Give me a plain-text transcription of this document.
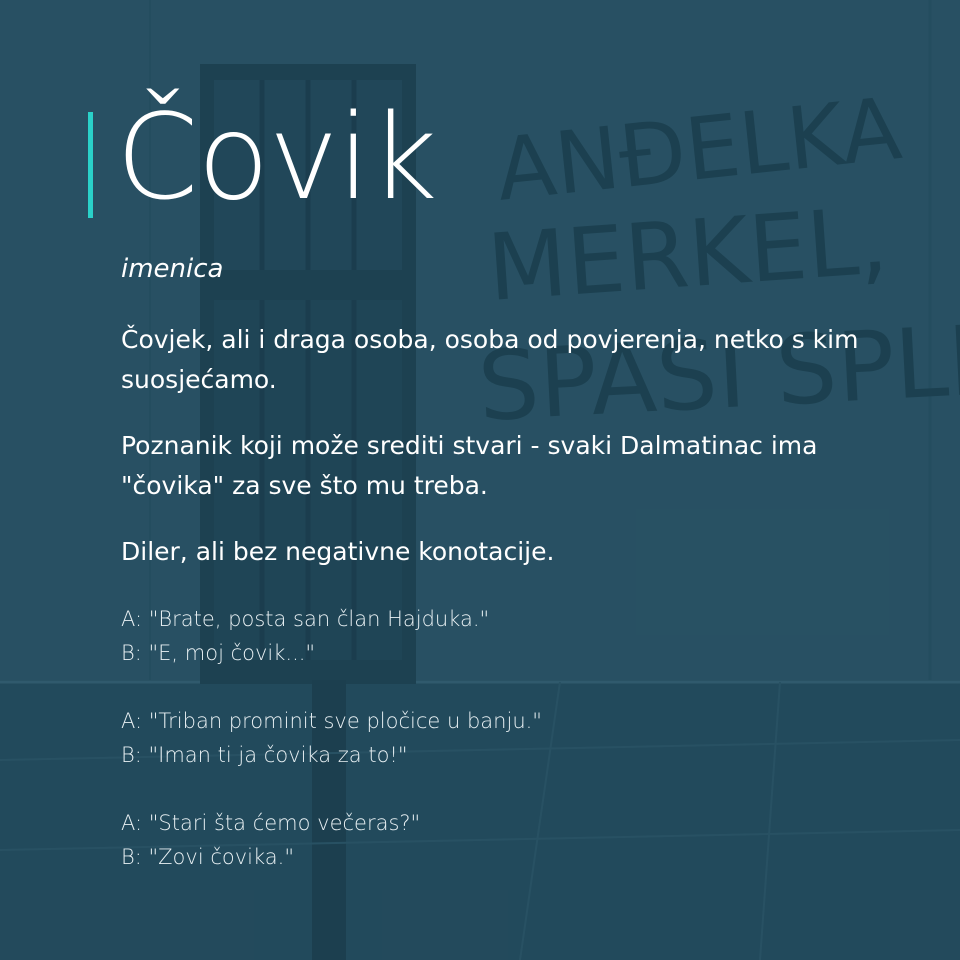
Čovik
imenica

Čovjek, ali i draga osoba, osoba od povjerenja, netko s kim suosjećamo.

Poznanik koji može srediti stvari - svaki Dalmatinac ima "čovika" za sve što mu treba.

Diler, ali bez negativne konotacije.

A: "Brate, posta san član Hajduka."
B: "E, moj čovik..."
A: "Triban prominit sve pločice u banju."
B: "Iman ti ja čovika za to!"
A: "Stari šta ćemo večeras?"
B: "Zovi čovika."
